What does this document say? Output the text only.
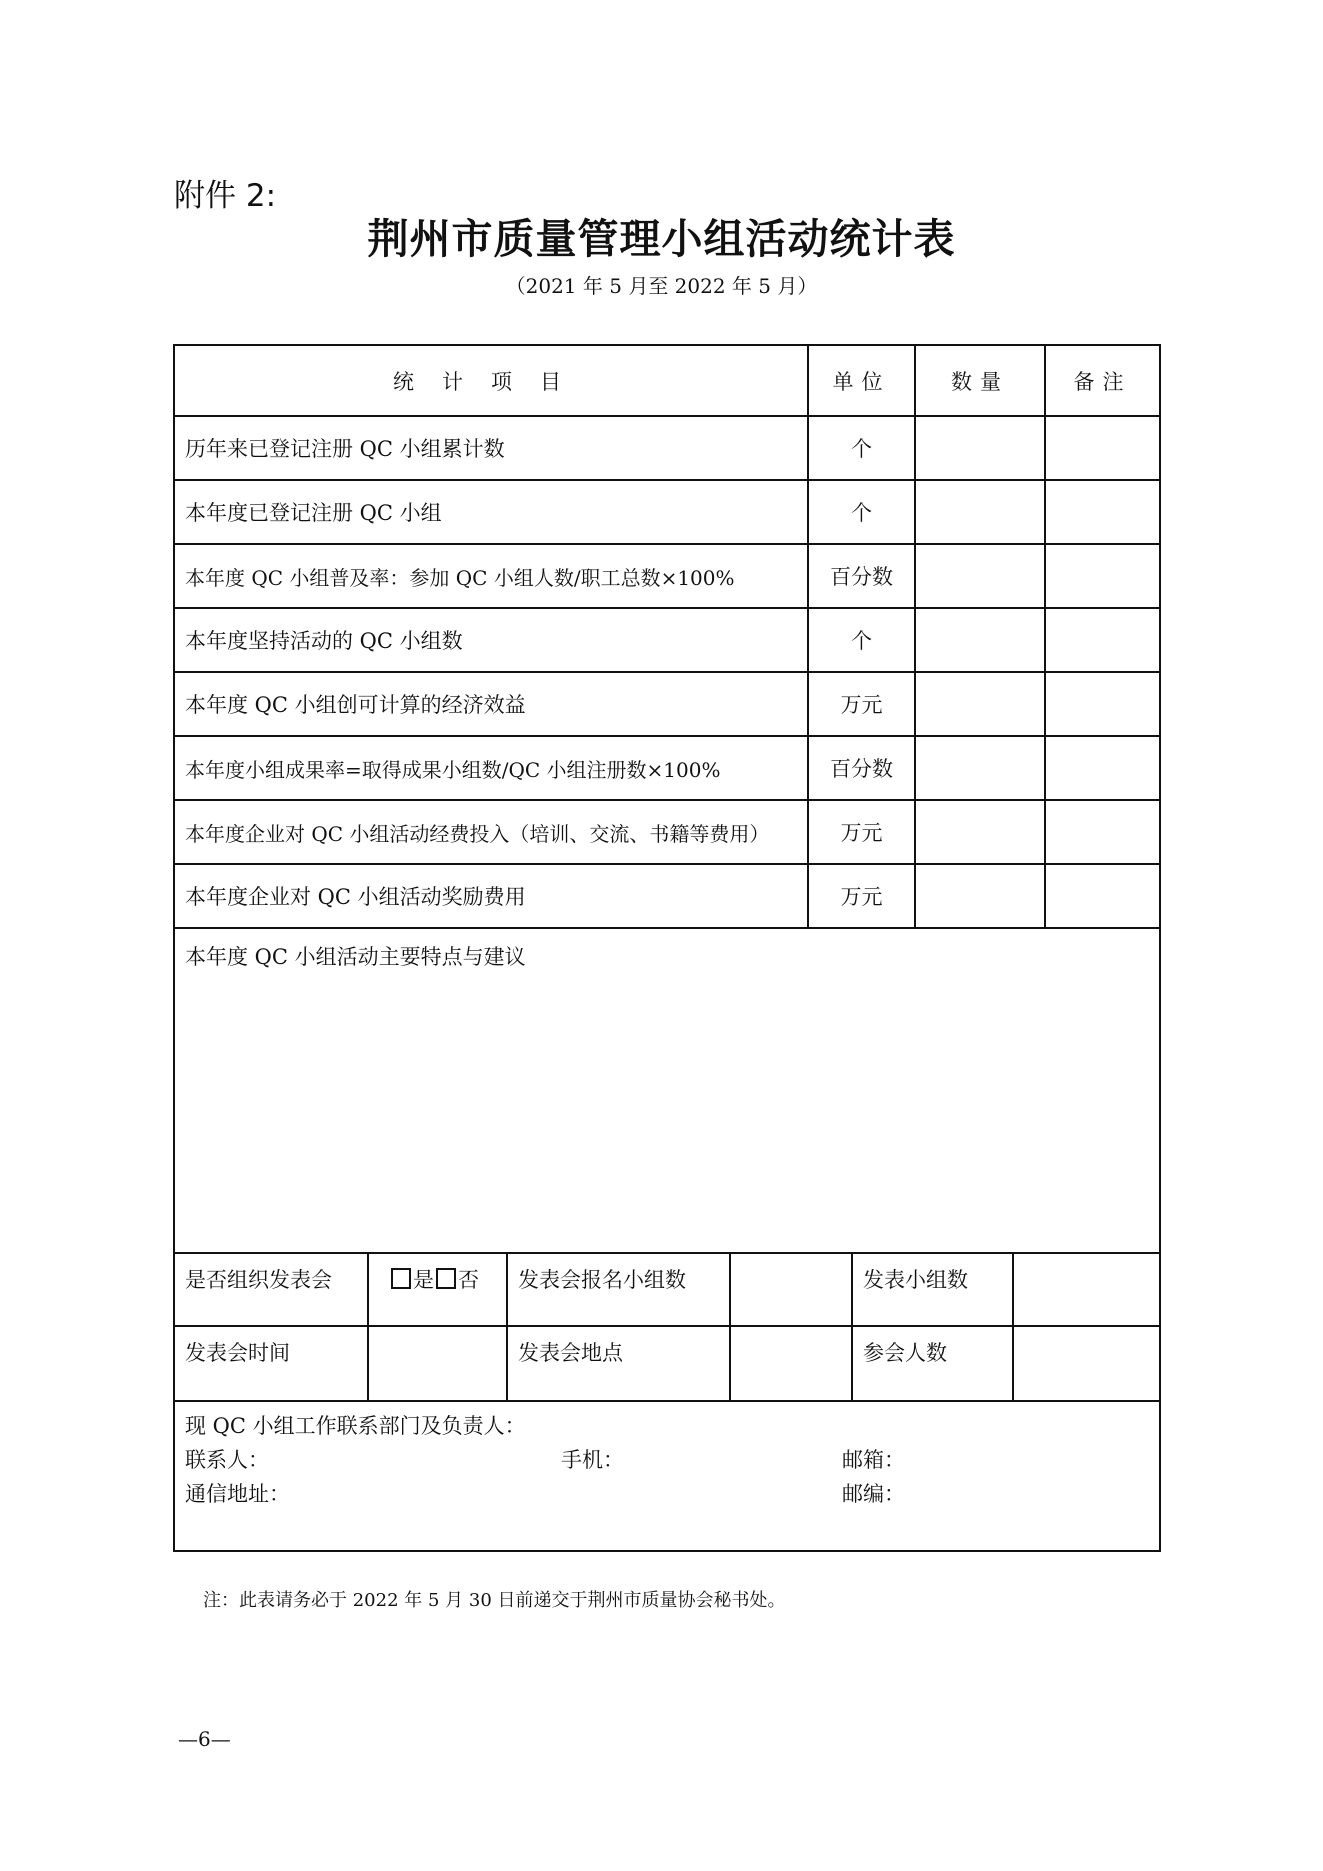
附件 2:
荆州市质量管理小组活动统计表
（2021 年 5 月至 2022 年 5 月）
统计项目	单位	数量	备注
历年来已登记注册 QC 小组累计数	个		
本年度已登记注册 QC 小组	个		
本年度 QC 小组普及率：参加 QC 小组人数/职工总数×100%	百分数		
本年度坚持活动的 QC 小组数	个		
本年度 QC 小组创可计算的经济效益	万元		
本年度小组成果率=取得成果小组数/QC 小组注册数×100%	百分数		
本年度企业对 QC 小组活动经费投入（培训、交流、书籍等费用）	万元		
本年度企业对 QC 小组活动奖励费用	万元		
本年度 QC 小组活动主要特点与建议

是否组织发表会	是 否	发表会报名小组数		发表小组数	
发表会时间		发表会地点		参会人数	

现 QC 小组工作联系部门及负责人：
联系人：	手机：	邮箱：
通信地址：	邮编：
注：此表请务必于 2022 年 5 月 30 日前递交于荆州市质量协会秘书处。
—6—
